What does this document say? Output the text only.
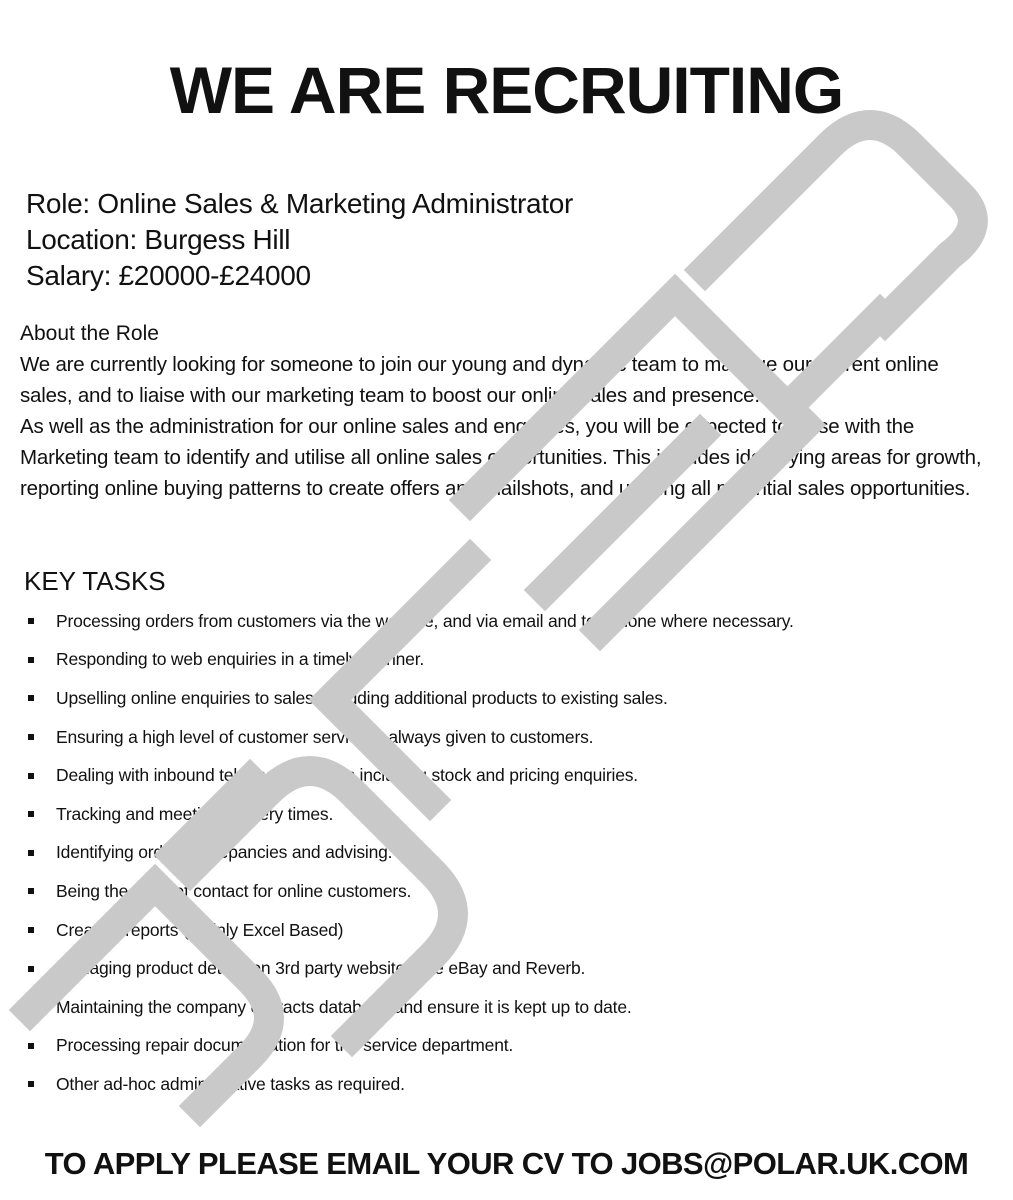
WE ARE RECRUITING
Role: Online Sales & Marketing Administrator
Location: Burgess Hill
Salary: £20000-£24000
About the Role

We are currently looking for someone to join our young and dynamic team to manage our current online sales, and to liaise with our marketing team to boost our online sales and presence.

As well as the administration for our online sales and enquiries, you will be expected to liaise with the Marketing team to identify and utilise all online sales opportunities. This includes identifying areas for growth, reporting online buying patterns to create offers and mailshots, and utilising all potential sales opportunities.

KEY TASKS
Processing orders from customers via the website, and via email and telephone where necessary.
Responding to web enquiries in a timely manner.
Upselling online enquiries to sales or adding additional products to existing sales.
Ensuring a high level of customer service is always given to customers.
Dealing with inbound telephone queries including stock and pricing enquiries.
Tracking and meeting delivery times.
Identifying order discrepancies and advising.
Being the point of contact for online customers.
Creating reports (Mainly Excel Based)
Managing product details on 3rd party websites like eBay and Reverb.
Maintaining the company contacts database and ensure it is kept up to date.
Processing repair documentation for the service department.
Other ad-hoc administrative tasks as required.
TO APPLY PLEASE EMAIL YOUR CV TO JOBS@POLAR.UK.COM
